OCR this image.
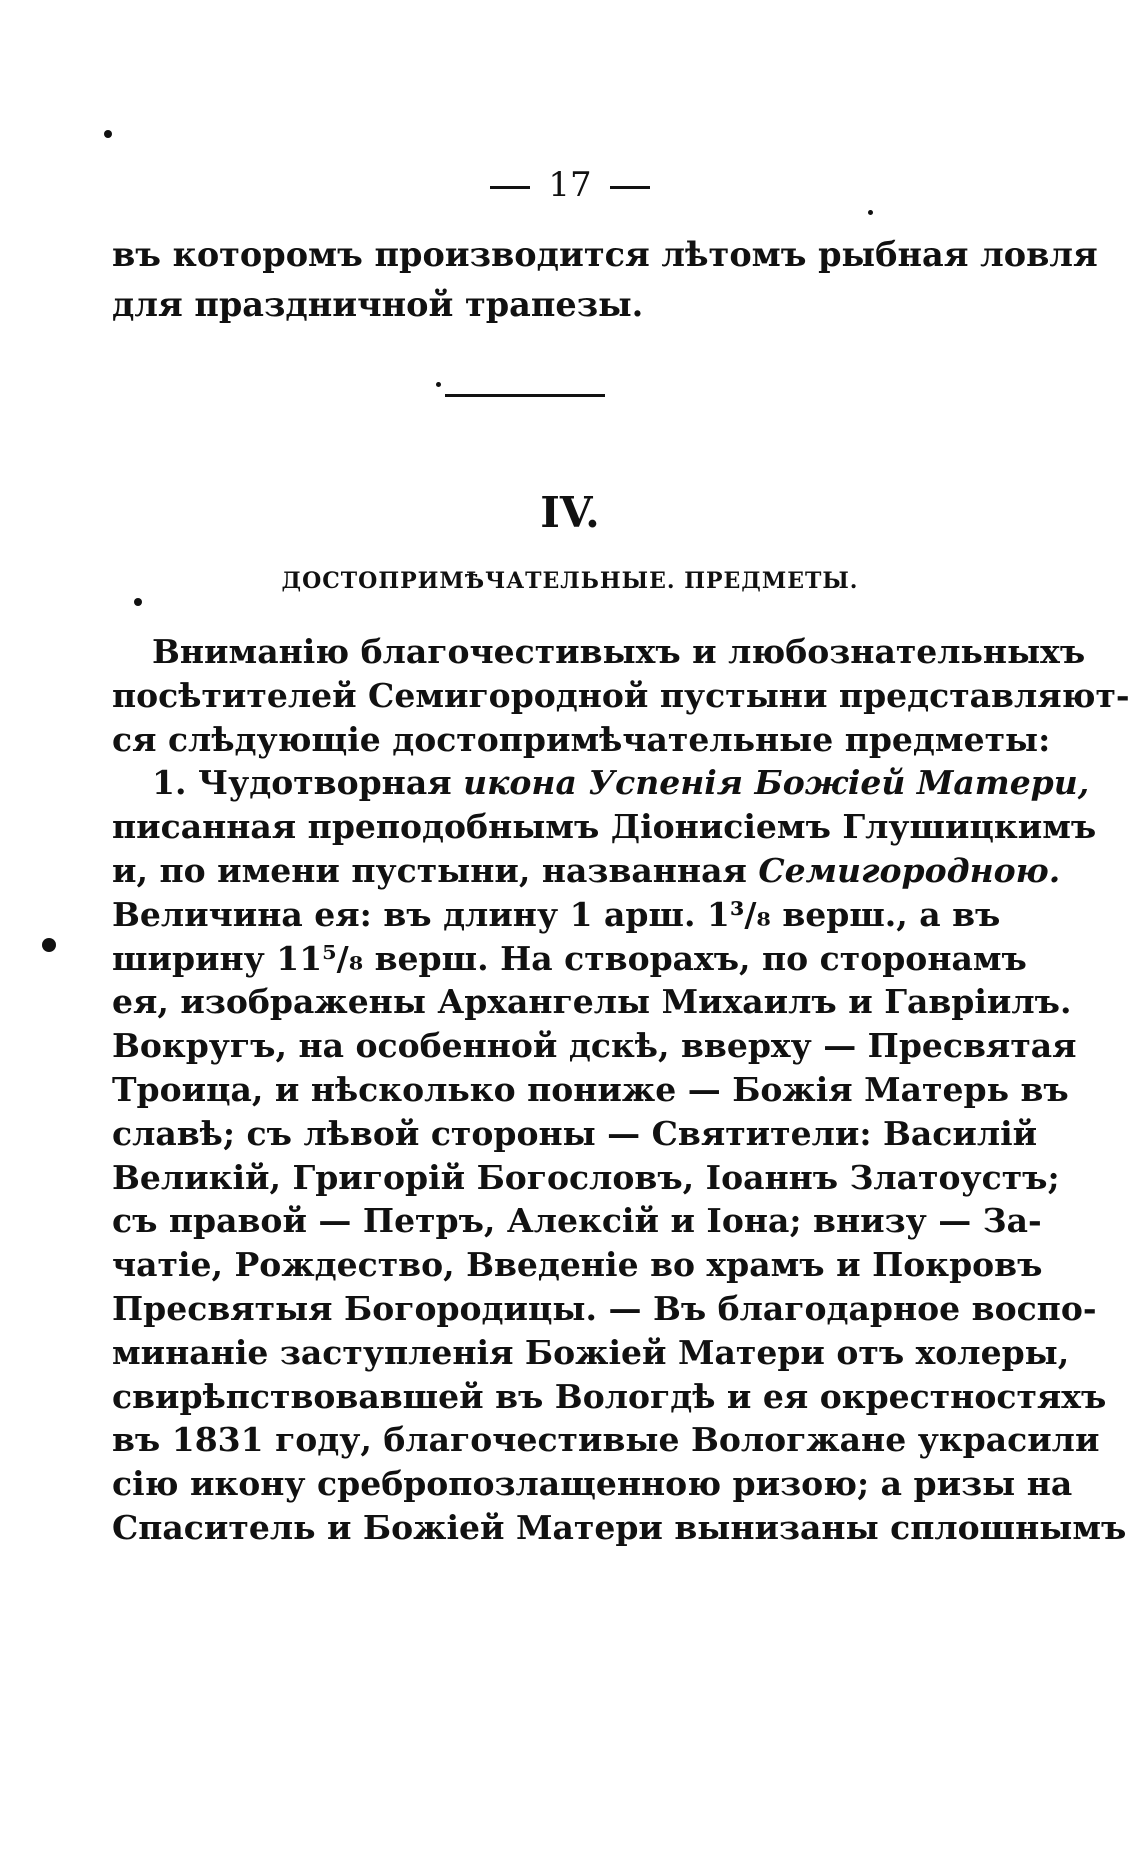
17
въ которомъ производится лѣтомъ рыбная ловля
для праздничной трапезы.
IV.
ДОСТОПРИМѢЧАТЕЛЬНЫЕ. ПРЕДМЕТЫ.
Вниманію благочестивыхъ и любознательныхъ
посѣтителей Семигородной пустыни представляют-
ся слѣдующіе достопримѣчательные предметы:
1. Чудотворная икона Успенія Божіей Матери,
писанная преподобнымъ Діонисіемъ Глушицкимъ
и, по имени пустыни, названная Семигородною.
Величина ея: въ длину 1 арш. 1³/₈ верш., а въ
ширину 11⁵/₈ верш. На створахъ, по сторонамъ
ея, изображены Архангелы Михаилъ и Гавріилъ.
Вокругъ, на особенной дскѣ, вверху — Пресвятая
Троица, и нѣсколько пониже — Божія Матерь въ
славѣ; съ лѣвой стороны — Святители: Василій
Великій, Григорій Богословъ, Іоаннъ Златоустъ;
съ правой — Петръ, Алексій и Іона; внизу — За-
чатіе, Рождество, Введеніе во храмъ и Покровъ
Пресвятыя Богородицы. — Въ благодарное воспо-
минаніе заступленія Божіей Матери отъ холеры,
свирѣпствовавшей въ Вологдѣ и ея окрестностяхъ
въ 1831 году, благочестивые Вологжане украсили
сію икону сребропозлащенною ризою; а ризы на
Спаситель и Божіей Матери вынизаны сплошнымъ
